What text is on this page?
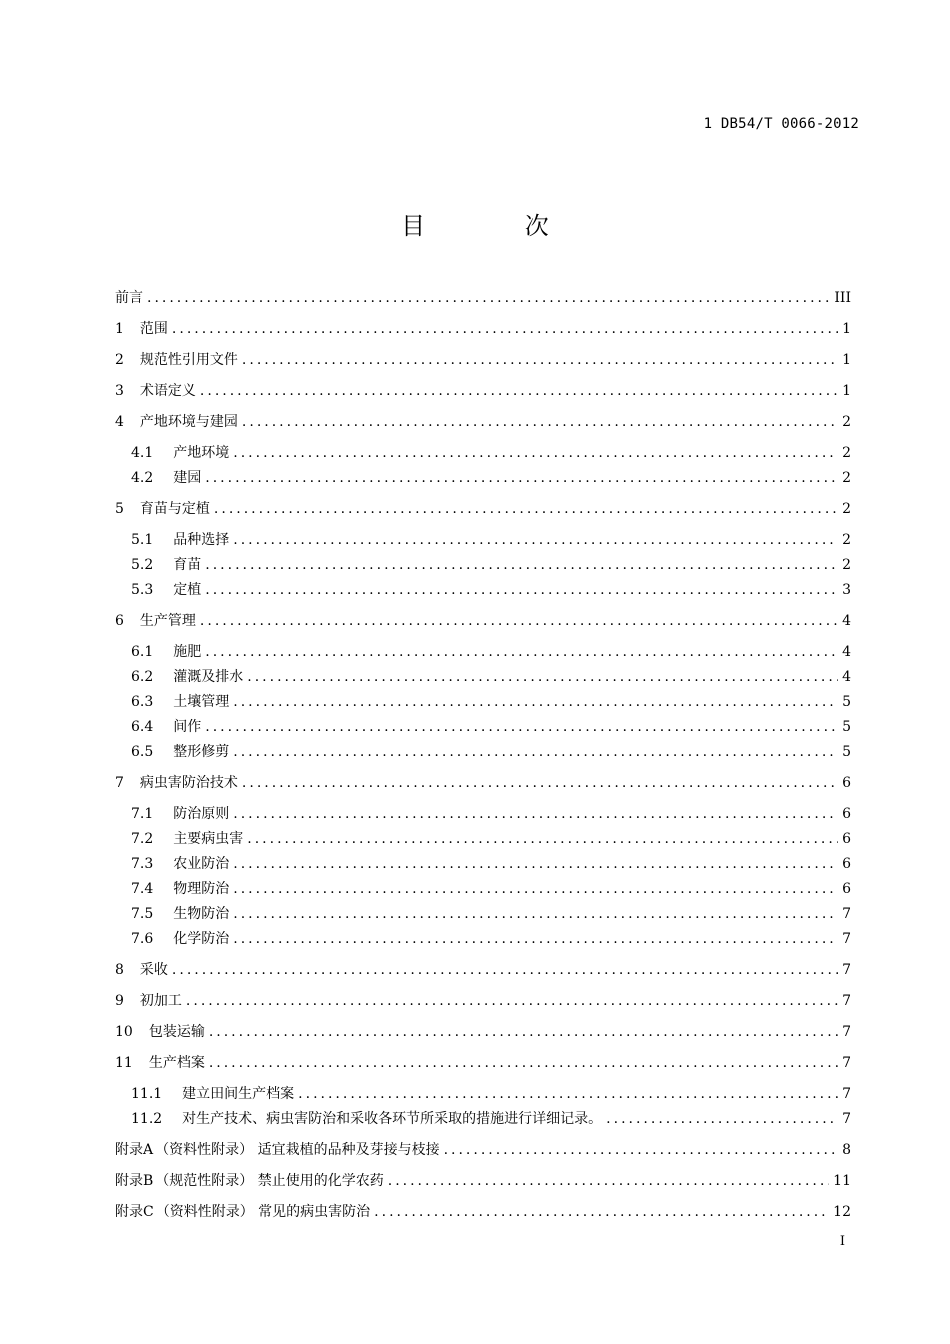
1 DB54/T 0066-2012
目 次
前言 .....	III
1 范围 .....	1
2 规范性引用文件 .....	1
3 术语定义 .....	1
4 产地环境与建园 .....	2
4.1 产地环境 .....	2
4.2 建园 .....	2
5 育苗与定植 .....	2
5.1 品种选择 .....	2
5.2 育苗 .....	2
5.3 定植 .....	3
6 生产管理 .....	4
6.1 施肥 .....	4
6.2 灌溉及排水 .....	4
6.3 土壤管理 .....	5
6.4 间作 .....	5
6.5 整形修剪 .....	5
7 病虫害防治技术 .....	6
7.1 防治原则 .....	6
7.2 主要病虫害 .....	6
7.3 农业防治 .....	6
7.4 物理防治 .....	6
7.5 生物防治 .....	7
7.6 化学防治 .....	7
8 采收 .....	7
9 初加工 .....	7
10 包装运输 .....	7
11 生产档案 .....	7
11.1 建立田间生产档案 .....	7
11.2 对生产技术、病虫害防治和采收各环节所采取的措施进行详细记录。 .....	7
附录A （资料性附录） 适宜栽植的品种及芽接与枝接 .....	8
附录B （规范性附录） 禁止使用的化学农药 .....	11
附录C （资料性附录） 常见的病虫害防治 .....	12
I
